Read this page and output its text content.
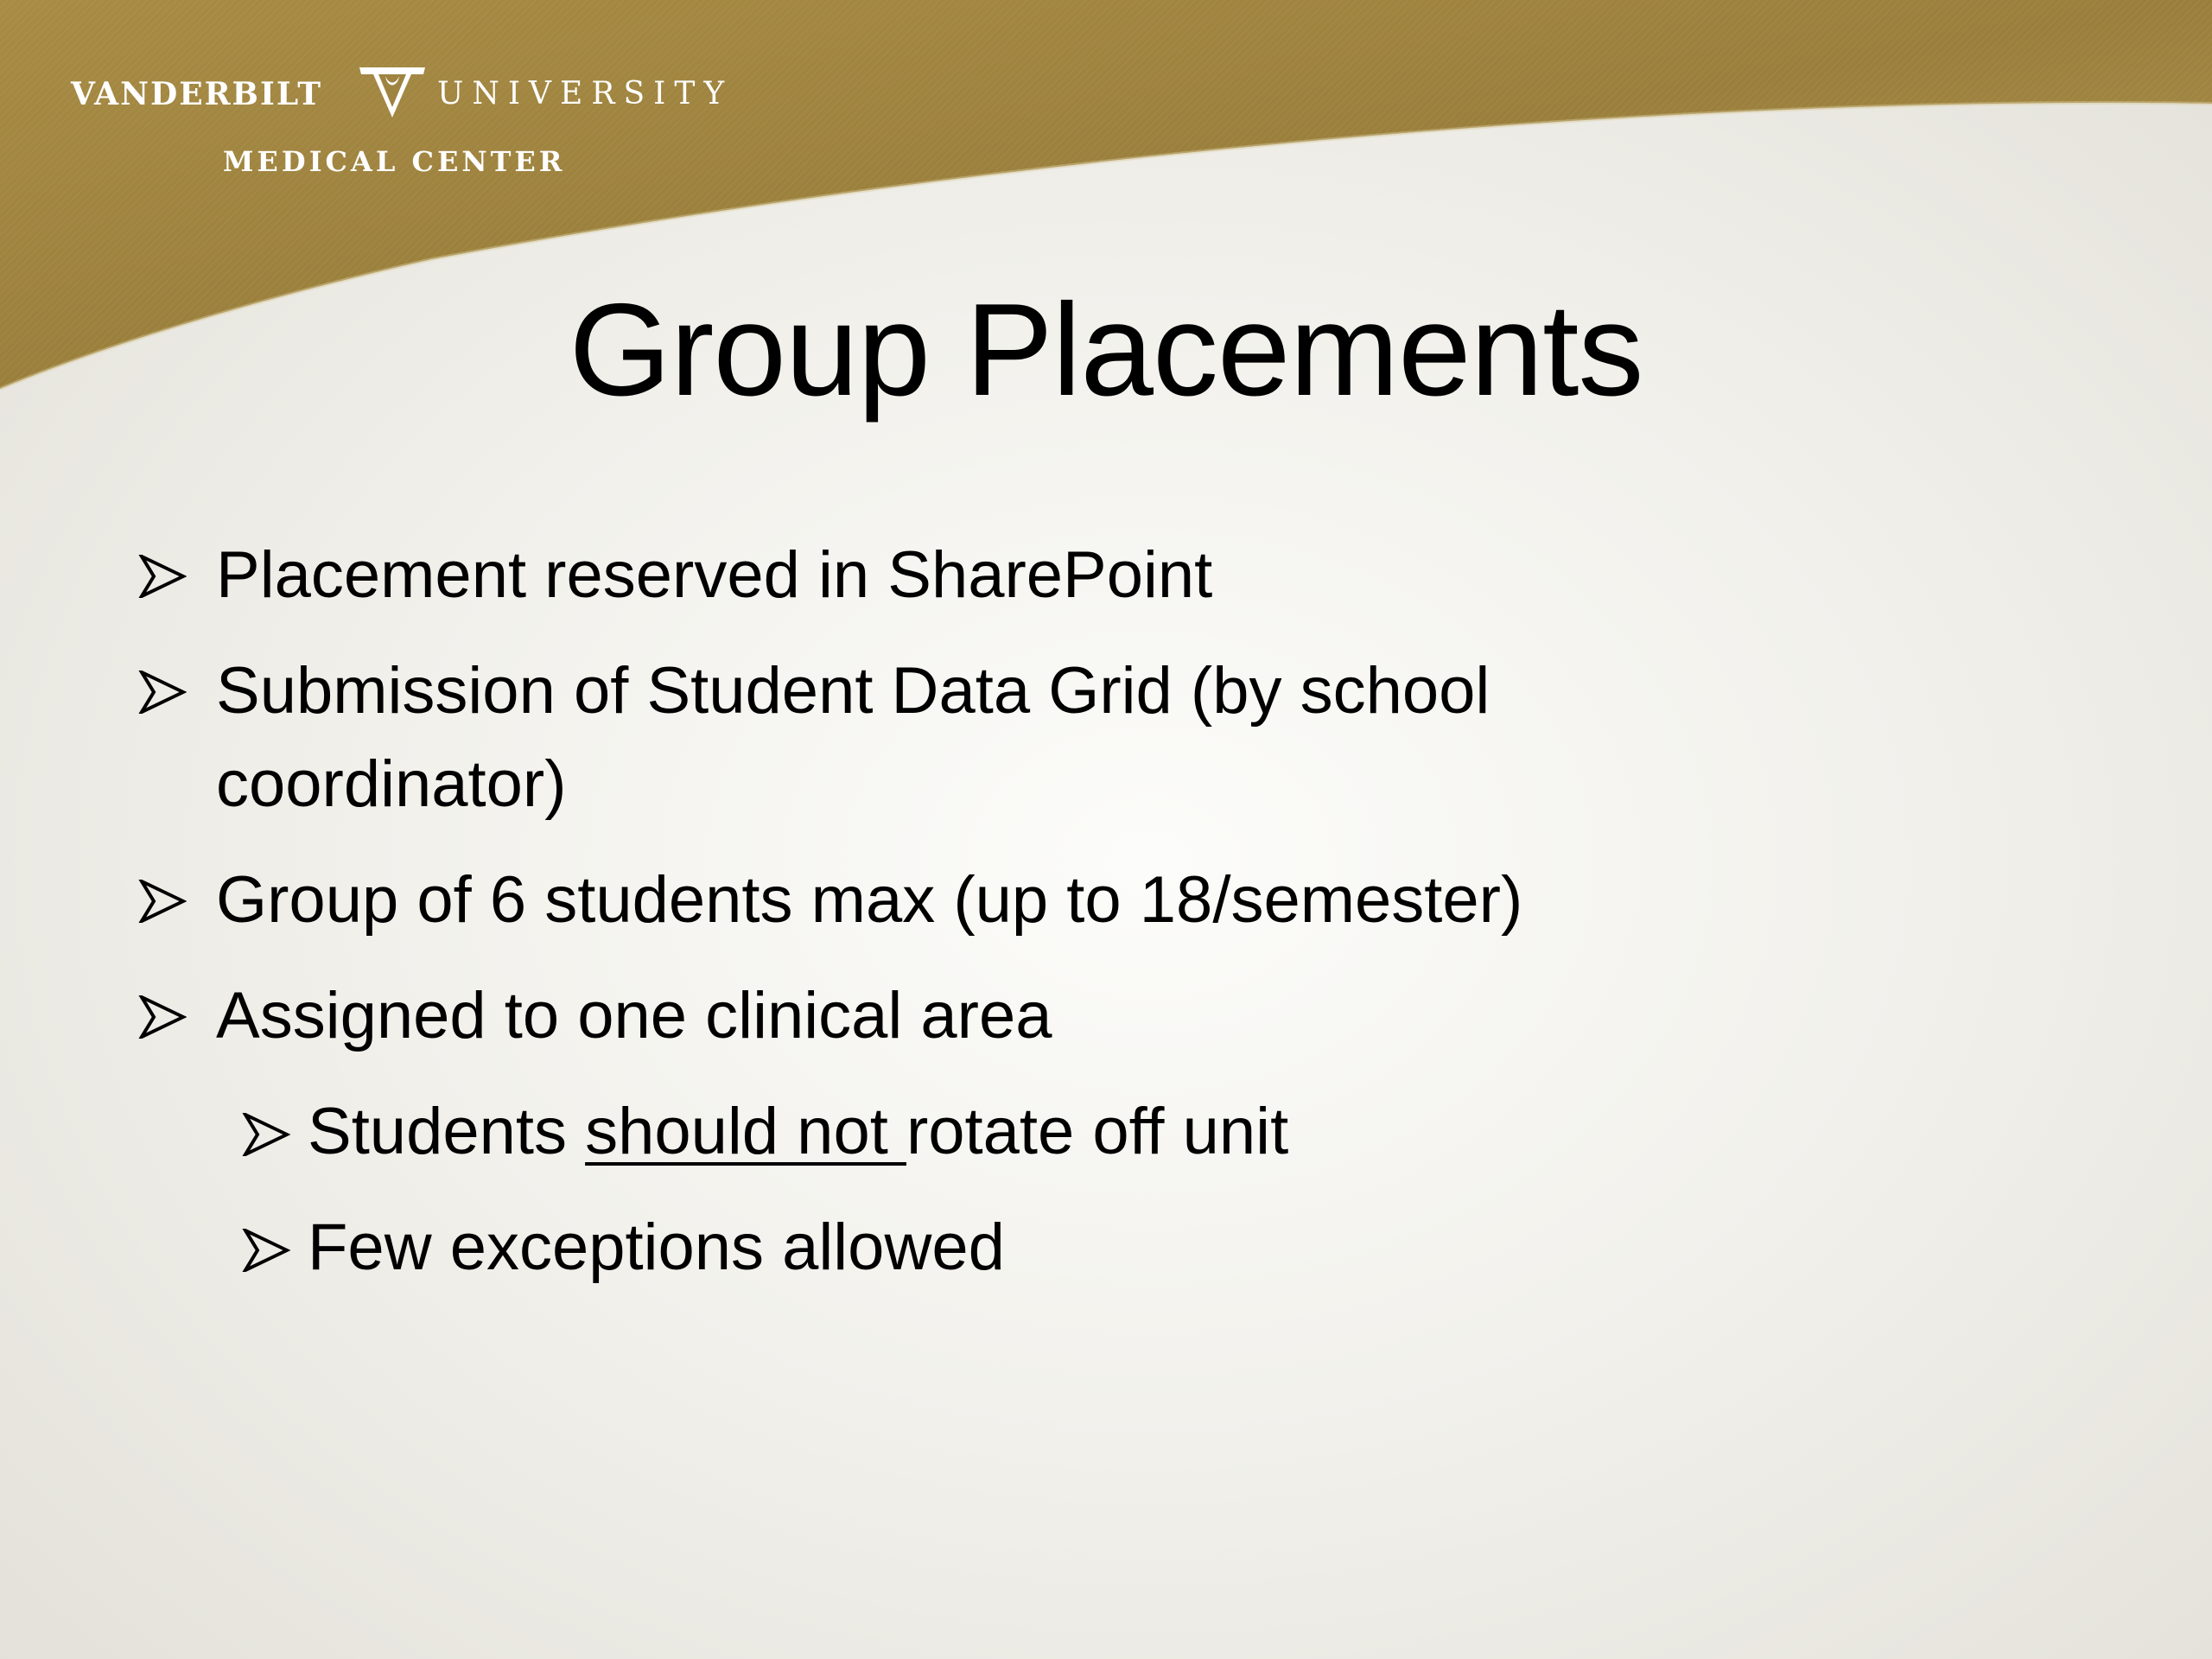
VANDERBILT	UNIVERSITY
MEDICAL CENTER
Group Placements
Placement reserved in SharePoint
Submission of Student Data Grid (by school coordinator)
Group of 6 students max (up to 18/semester)
Assigned to one clinical area
Students should not rotate off unit
Few exceptions allowed
